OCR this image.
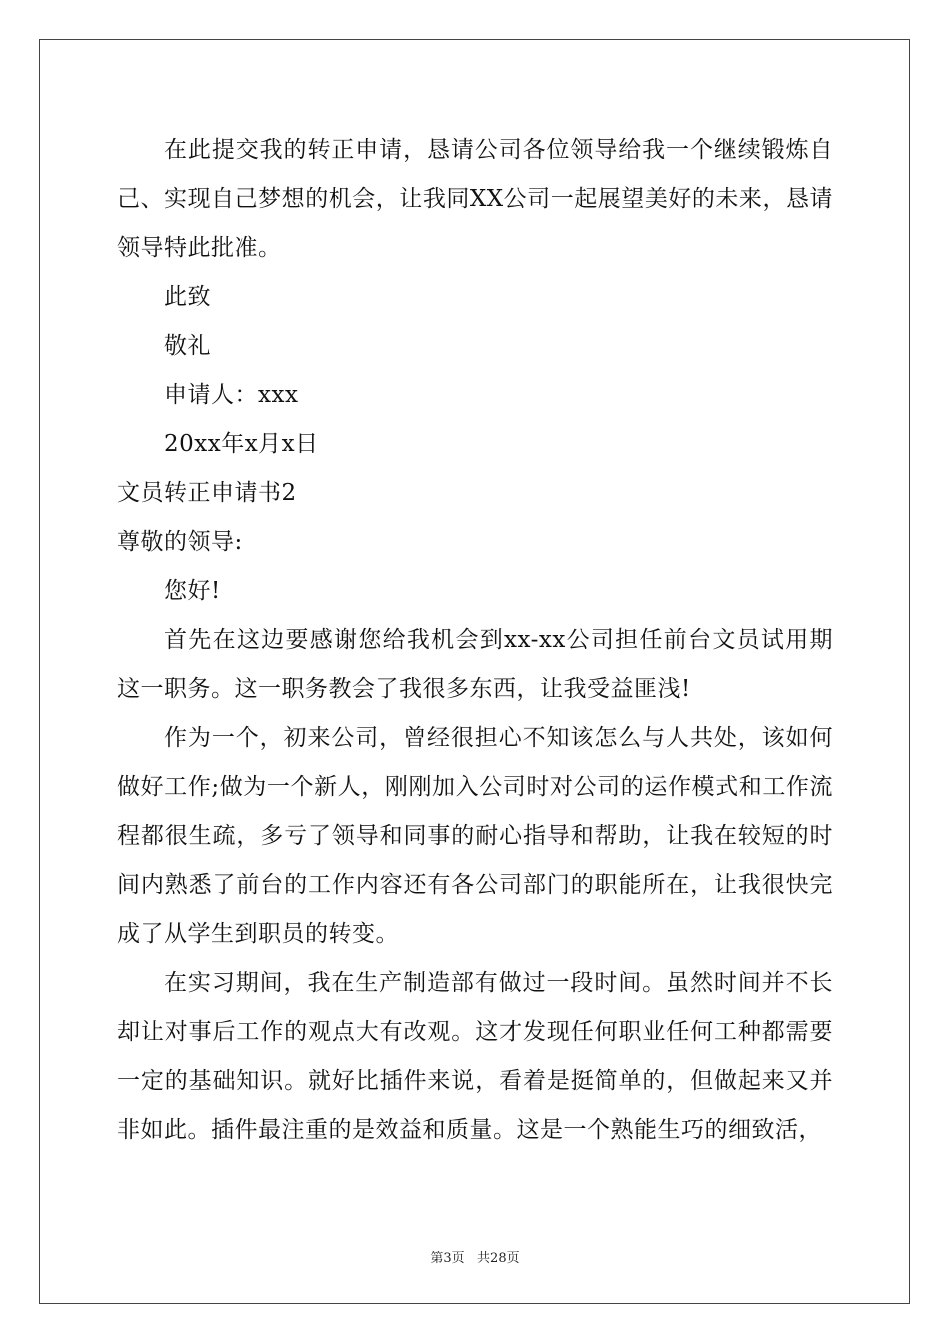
在此提交我的转正申请，恳请公司各位领导给我一个继续锻炼自己、实现自己梦想的机会，让我同XX公司一起展望美好的未来，恳请领导特此批准。

此致

敬礼

申请人：xxx

20xx年x月x日

文员转正申请书2

尊敬的领导:

您好!

首先在这边要感谢您给我机会到xx-xx公司担任前台文员试用期这一职务。这一职务教会了我很多东西，让我受益匪浅!

作为一个，初来公司，曾经很担心不知该怎么与人共处，该如何做好工作;做为一个新人，刚刚加入公司时对公司的运作模式和工作流程都很生疏，多亏了领导和同事的耐心指导和帮助，让我在较短的时间内熟悉了前台的工作内容还有各公司部门的职能所在，让我很快完成了从学生到职员的转变。

在实习期间，我在生产制造部有做过一段时间。虽然时间并不长却让对事后工作的观点大有改观。这才发现任何职业任何工种都需要一定的基础知识。就好比插件来说，看着是挺简单的，但做起来又并非如此。插件最注重的是效益和质量。这是一个熟能生巧的细致活，

第3页   共28页
